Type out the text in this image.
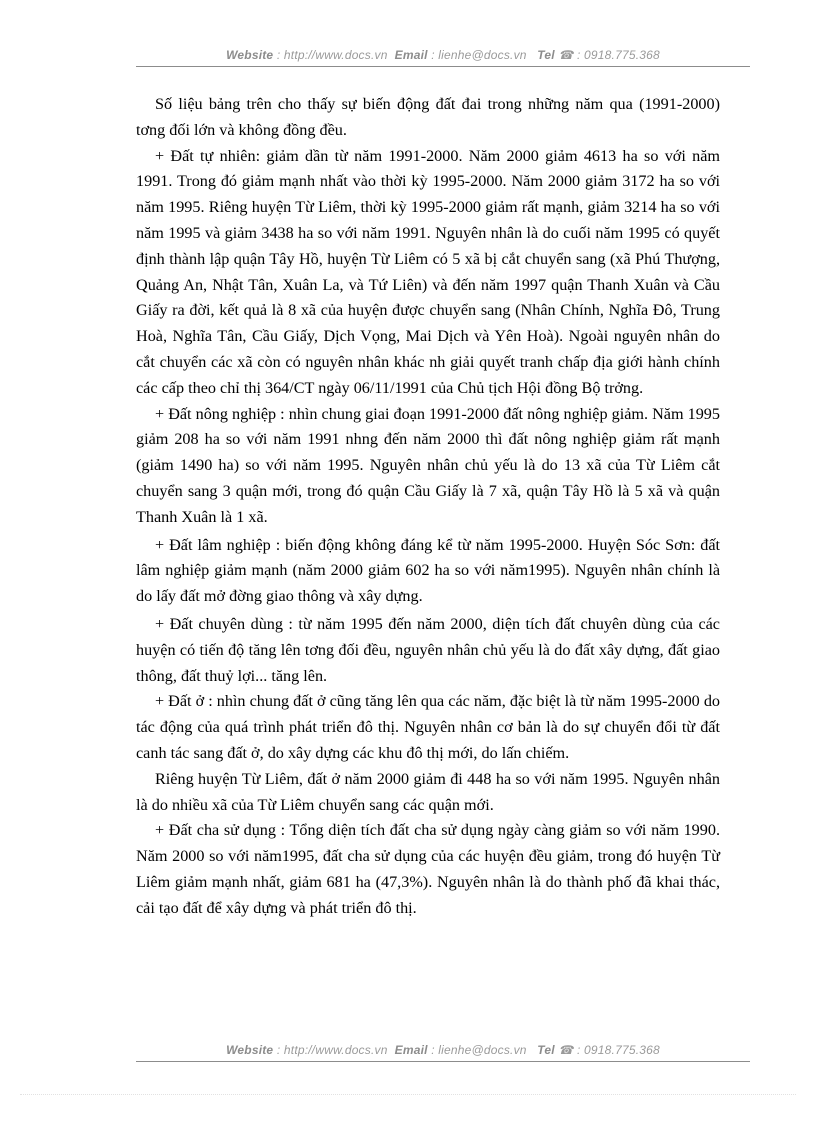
Website : http://www.docs.vn Email : lienhe@docs.vn Tel ☎ : 0918.775.368

Số liệu bảng trên cho thấy sự biến động đất đai trong những năm qua (1991-2000) tơng đối lớn và không đồng đều.

+ Đất tự nhiên: giảm dần từ năm 1991-2000. Năm 2000 giảm 4613 ha so với năm 1991. Trong đó giảm mạnh nhất vào thời kỳ 1995-2000. Năm 2000 giảm 3172 ha so với năm 1995. Riêng huyện Từ Liêm, thời kỳ 1995-2000 giảm rất mạnh, giảm 3214 ha so với năm 1995 và giảm 3438 ha so với năm 1991. Nguyên nhân là do cuối năm 1995 có quyết định thành lập quận Tây Hồ, huyện Từ Liêm có 5 xã bị cắt chuyển sang (xã Phú Thượng, Quảng An, Nhật Tân, Xuân La, và Tứ Liên) và đến năm 1997 quận Thanh Xuân và Cầu Giấy ra đời, kết quả là 8 xã của huyện được chuyển sang (Nhân Chính, Nghĩa Đô, Trung Hoà, Nghĩa Tân, Cầu Giấy, Dịch Vọng, Mai Dịch và Yên Hoà). Ngoài nguyên nhân do cắt chuyển các xã còn có nguyên nhân khác nh giải quyết tranh chấp địa giới hành chính các cấp theo chỉ thị 364/CT ngày 06/11/1991 của Chủ tịch Hội đồng Bộ trởng.

+ Đất nông nghiệp : nhìn chung giai đoạn 1991-2000 đất nông nghiệp giảm. Năm 1995 giảm 208 ha so với năm 1991 nhng đến năm 2000 thì đất nông nghiệp giảm rất mạnh (giảm 1490 ha) so với năm 1995. Nguyên nhân chủ yếu là do 13 xã của Từ Liêm cắt chuyển sang 3 quận mới, trong đó quận Cầu Giấy là 7 xã, quận Tây Hồ là 5 xã và quận Thanh Xuân là 1 xã.

+ Đất lâm nghiệp : biến động không đáng kể từ năm 1995-2000. Huyện Sóc Sơn: đất lâm nghiệp giảm mạnh (năm 2000 giảm 602 ha so với năm1995). Nguyên nhân chính là do lấy đất mở đờng giao thông và xây dựng.

+ Đất chuyên dùng : từ năm 1995 đến năm 2000, diện tích đất chuyên dùng của các huyện có tiến độ tăng lên tơng đối đều, nguyên nhân chủ yếu là do đất xây dựng, đất giao thông, đất thuỷ lợi... tăng lên.

+ Đất ở : nhìn chung đất ở cũng tăng lên qua các năm, đặc biệt là từ năm 1995-2000 do tác động của quá trình phát triển đô thị. Nguyên nhân cơ bản là do sự chuyển đổi từ đất canh tác sang đất ở, do xây dựng các khu đô thị mới, do lấn chiếm.

Riêng huyện Từ Liêm, đất ở năm 2000 giảm đi 448 ha so với năm 1995. Nguyên nhân là do nhiều xã của Từ Liêm chuyển sang các quận mới.

+ Đất cha sử dụng : Tổng diện tích đất cha sử dụng ngày càng giảm so với năm 1990. Năm 2000 so với năm1995, đất cha sử dụng của các huyện đều giảm, trong đó huyện Từ Liêm giảm mạnh nhất, giảm 681 ha (47,3%). Nguyên nhân là do thành phố đã khai thác, cải tạo đất để xây dựng và phát triển đô thị.

Website : http://www.docs.vn Email : lienhe@docs.vn Tel ☎ : 0918.775.368
